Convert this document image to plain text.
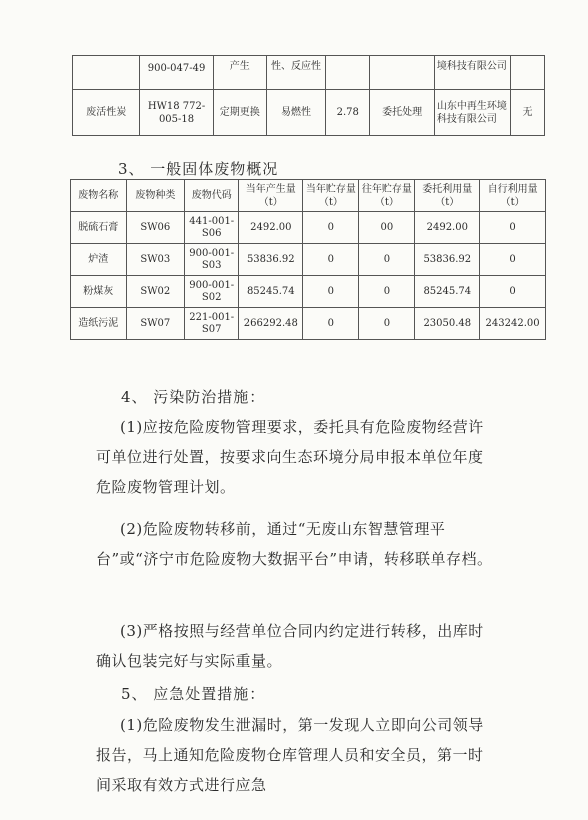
	900-047-49	产生	性、反应性			境科技有限公司	
废活性炭	HW18 772-005-18	定期更换	易燃性	2.78	委托处理	山东中再生环境科技有限公司	无
3、 一般固体废物概况
废物名称	废物种类	废物代码	当年产生量（t）	当年贮存量（t）	往年贮存量（t）	委托利用量（t）	自行利用量（t）
脱硫石膏	SW06	441-001-S06	2492.00	0	00	2492.00	0
炉渣	SW03	900-001-S03	53836.92	0	0	53836.92	0
粉煤灰	SW02	900-001-S02	85245.74	0	0	85245.74	0
造纸污泥	SW07	221-001-S07	266292.48	0	0	23050.48	243242.00
4、 污染防治措施：
(1)应按危险废物管理要求，委托具有危险废物经营许可单位进行处置，按要求向生态环境分局申报本单位年度危险废物管理计划。
(2)危险废物转移前，通过“无废山东智慧管理平台”或“济宁市危险废物大数据平台”申请，转移联单存档。
(3)严格按照与经营单位合同内约定进行转移，出库时确认包装完好与实际重量。
5、 应急处置措施：
(1)危险废物发生泄漏时，第一发现人立即向公司领导报告，马上通知危险废物仓库管理人员和安全员，第一时间采取有效方式进行应急
